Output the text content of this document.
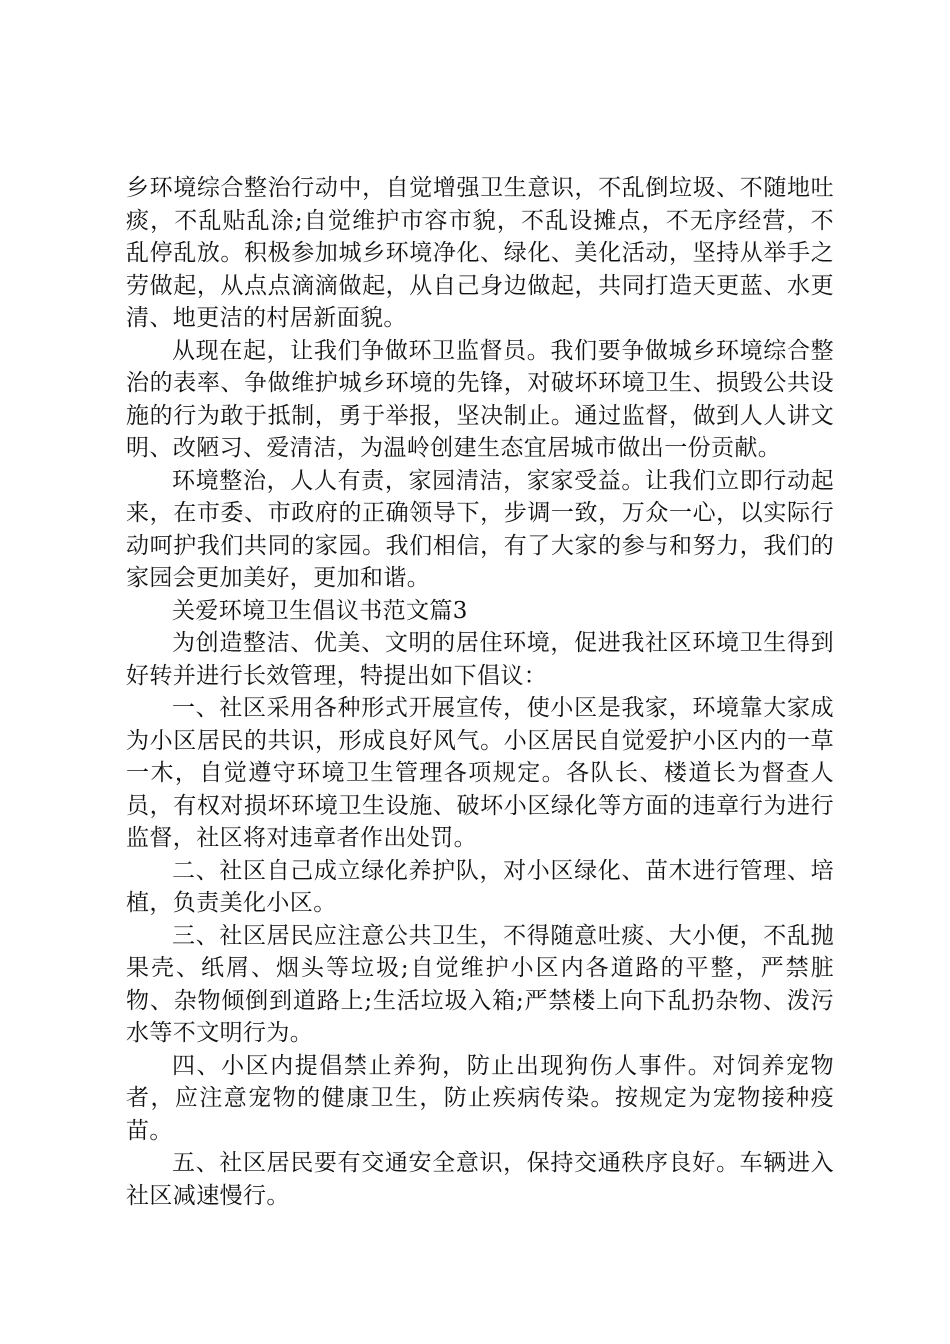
乡环境综合整治行动中，自觉增强卫生意识，不乱倒垃圾、不随地吐痰，不乱贴乱涂;自觉维护市容市貌，不乱设摊点，不无序经营，不乱停乱放。积极参加城乡环境净化、绿化、美化活动，坚持从举手之劳做起，从点点滴滴做起，从自己身边做起，共同打造天更蓝、水更清、地更洁的村居新面貌。

从现在起，让我们争做环卫监督员。我们要争做城乡环境综合整治的表率、争做维护城乡环境的先锋，对破坏环境卫生、损毁公共设施的行为敢于抵制，勇于举报，坚决制止。通过监督，做到人人讲文明、改陋习、爱清洁，为温岭创建生态宜居城市做出一份贡献。

环境整治，人人有责，家园清洁，家家受益。让我们立即行动起来，在市委、市政府的正确领导下，步调一致，万众一心，以实际行动呵护我们共同的家园。我们相信，有了大家的参与和努力，我们的家园会更加美好，更加和谐。

关爱环境卫生倡议书范文篇3

为创造整洁、优美、文明的居住环境，促进我社区环境卫生得到好转并进行长效管理，特提出如下倡议：

一、社区采用各种形式开展宣传，使小区是我家，环境靠大家成为小区居民的共识，形成良好风气。小区居民自觉爱护小区内的一草一木，自觉遵守环境卫生管理各项规定。各队长、楼道长为督查人员，有权对损坏环境卫生设施、破坏小区绿化等方面的违章行为进行监督，社区将对违章者作出处罚。

二、社区自己成立绿化养护队，对小区绿化、苗木进行管理、培植，负责美化小区。

三、社区居民应注意公共卫生，不得随意吐痰、大小便，不乱抛果壳、纸屑、烟头等垃圾;自觉维护小区内各道路的平整，严禁脏物、杂物倾倒到道路上;生活垃圾入箱;严禁楼上向下乱扔杂物、泼污水等不文明行为。

四、小区内提倡禁止养狗，防止出现狗伤人事件。对饲养宠物者，应注意宠物的健康卫生，防止疾病传染。按规定为宠物接种疫苗。

五、社区居民要有交通安全意识，保持交通秩序良好。车辆进入社区减速慢行。
